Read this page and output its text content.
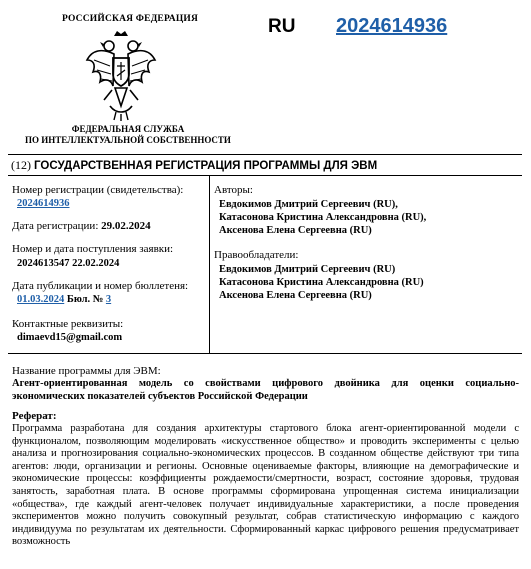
РОССИЙСКАЯ ФЕДЕРАЦИЯ
ФЕДЕРАЛЬНАЯ СЛУЖБА
ПО ИНТЕЛЛЕКТУАЛЬНОЙ СОБСТВЕННОСТИ
RU 2024614936
(12) ГОСУДАРСТВЕННАЯ РЕГИСТРАЦИЯ ПРОГРАММЫ ДЛЯ ЭВМ
Номер регистрации (свидетельства):
2024614936
Дата регистрации: 29.02.2024
Номер и дата поступления заявки:
2024613547 22.02.2024
Дата публикации и номер бюллетеня:
01.03.2024 Бюл. № 3
Контактные реквизиты:
dimaevd15@gmail.com
Авторы:
Евдокимов Дмитрий Сергеевич (RU),
Катасонова Кристина Александровна (RU),
Аксенова Елена Сергеевна (RU)
Правообладатели:
Евдокимов Дмитрий Сергеевич (RU)
Катасонова Кристина Александровна (RU)
Аксенова Елена Сергеевна (RU)
Название программы для ЭВМ:
Агент-ориентированная модель со свойствами цифрового двойника для оценки социально-экономических показателей субъектов Российской Федерации
Реферат:
Программа разработана для создания архитектуры стартового блока агент-ориентированной модели с функционалом, позволяющим моделировать «искусственное общество» и проводить эксперименты с целью анализа и прогнозирования социально-экономических процессов. В созданном обществе действуют три типа агентов: люди, организации и регионы. Основные оцениваемые факторы, влияющие на демографические и экономические процессы: коэффициенты рождаемости/смертности, возраст, состояние здоровья, трудовая занятость, заработная плата. В основе программы сформирована упрощенная система инициализации «общества», где каждый агент-человек получает индивидуальные характеристики, а после проведения экспериментов можно получить совокупный результат, собрав статистическую информацию с каждого индивидуума по результатам их деятельности. Сформированный каркас цифрового решения предусматривает возможность
